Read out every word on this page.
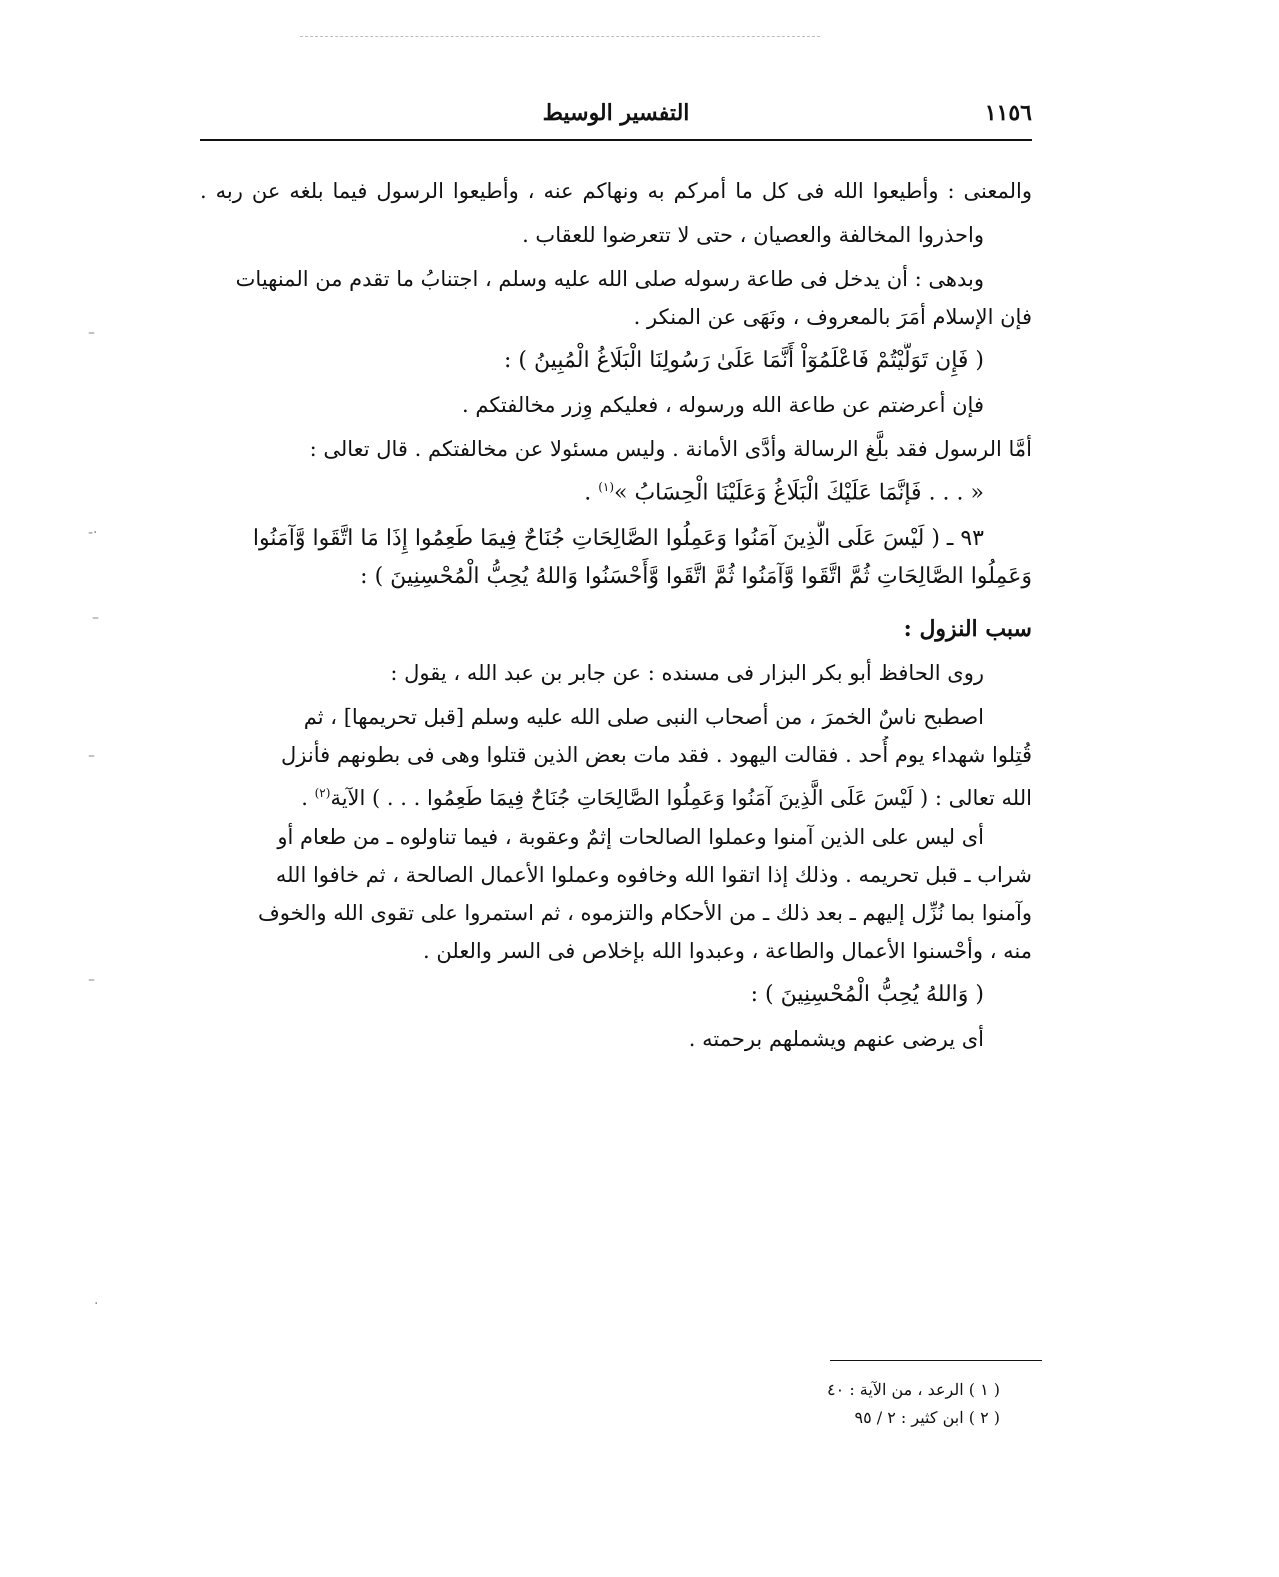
١١٥٦
التفسير الوسيط
والمعنى : وأطيعوا الله فى كل ما أمركم به ونهاكم عنه ، وأطيعوا الرسول فيما بلغه عن ربه .
واحذروا المخالفة والعصيان ، حتى لا تتعرضوا للعقاب .
وبدهى : أن يدخل فى طاعة رسوله صلى الله عليه وسلم ، اجتنابُ ما تقدم من المنهيات
فإن الإسلام أمَرَ بالمعروف ، ونَهَى عن المنكر .
( فَإِن تَوَلَّيْتُمْ فَاعْلَمُوٓاْ أَنَّمَا عَلَىٰ رَسُولِنَا الْبَلَاغُ الْمُبِينُ ) :
فإن أعرضتم عن طاعة الله ورسوله ، فعليكم وِزر مخالفتكم .
أمَّا الرسول فقد بلَّغ الرسالة وأدَّى الأمانة . وليس مسئولا عن مخالفتكم . قال تعالى :
« . . . فَإِنَّمَا عَلَيْكَ الْبَلَاغُ وَعَلَيْنَا الْحِسَابُ »$^{(١)}$ .
٩٣ ـ ( لَيْسَ عَلَى الَّذِينَ آمَنُوا وَعَمِلُوا الصَّالِحَاتِ جُنَاحٌ فِيمَا طَعِمُوا إِذَا مَا اتَّقَوا وَّآمَنُوا
وَعَمِلُوا الصَّالِحَاتِ ثُمَّ اتَّقَوا وَّآمَنُوا ثُمَّ اتَّقَوا وَّأَحْسَنُوا وَاللهُ يُحِبُّ الْمُحْسِنِينَ ) :
سبب النزول :
روى الحافظ أبو بكر البزار فى مسنده : عن جابر بن عبد الله ، يقول :
اصطبح ناسٌ الخمرَ ، من أصحاب النبى صلى الله عليه وسلم [قبل تحريمها] ، ثم
قُتِلوا شهداء يوم أُحد . فقالت اليهود . فقد مات بعض الذين قتلوا وهى فى بطونهم فأنزل
الله تعالى : ( لَيْسَ عَلَى الَّذِينَ آمَنُوا وَعَمِلُوا الصَّالِحَاتِ جُنَاحٌ فِيمَا طَعِمُوا . . . ) الآية$^{(٢)}$ .
أى ليس على الذين آمنوا وعملوا الصالحات إثمٌ وعقوبة ، فيما تناولوه ـ من طعام أو
شراب ـ قبل تحريمه . وذلك إذا اتقوا الله وخافوه وعملوا الأعمال الصالحة ، ثم خافوا الله
وآمنوا بما نُزِّل إليهم ـ بعد ذلك ـ من الأحكام والتزموه ، ثم استمروا على تقوى الله والخوف
منه ، وأحْسنوا الأعمال والطاعة ، وعبدوا الله بإخلاص فى السر والعلن .
( وَاللهُ يُحِبُّ الْمُحْسِنِينَ ) :
أى يرضى عنهم ويشملهم برحمته .
( ١ ) الرعد ، من الآية : ٤٠
( ٢ ) ابن كثير : ٢ / ٩٥
–
-·
–
–
–
·
